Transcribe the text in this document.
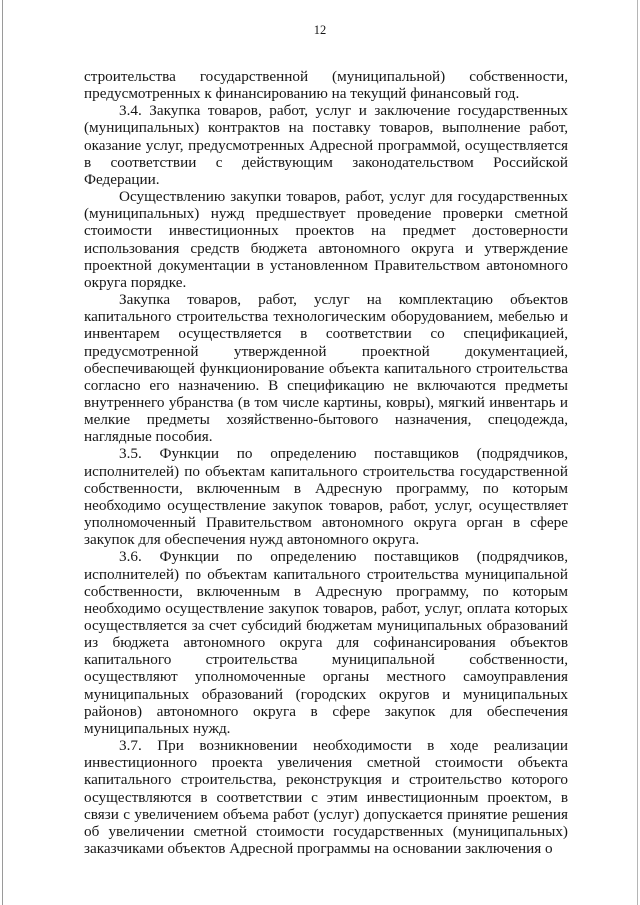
12

строительства государственной (муниципальной) собственности, предусмотренных к финансированию на текущий финансовый год.

3.4. Закупка товаров, работ, услуг и заключение государственных (муниципальных) контрактов на поставку товаров, выполнение работ, оказание услуг, предусмотренных Адресной программой, осуществляется в соответствии с действующим законодательством Российской Федерации.

Осуществлению закупки товаров, работ, услуг для государственных (муниципальных) нужд предшествует проведение проверки сметной стоимости инвестиционных проектов на предмет достоверности использования средств бюджета автономного округа и утверждение проектной документации в установленном Правительством автономного округа порядке.

Закупка товаров, работ, услуг на комплектацию объектов капитального строительства технологическим оборудованием, мебелью и инвентарем осуществляется в соответствии со спецификацией, предусмотренной утвержденной проектной документацией, обеспечивающей функционирование объекта капитального строительства согласно его назначению. В спецификацию не включаются предметы внутреннего убранства (в том числе картины, ковры), мягкий инвентарь и мелкие предметы хозяйственно-бытового назначения, спецодежда, наглядные пособия.

3.5. Функции по определению поставщиков (подрядчиков, исполнителей) по объектам капитального строительства государственной собственности, включенным в Адресную программу, по которым необходимо осуществление закупок товаров, работ, услуг, осуществляет уполномоченный Правительством автономного округа орган в сфере закупок для обеспечения нужд автономного округа.

3.6. Функции по определению поставщиков (подрядчиков, исполнителей) по объектам капитального строительства муниципальной собственности, включенным в Адресную программу, по которым необходимо осуществление закупок товаров, работ, услуг, оплата которых осуществляется за счет субсидий бюджетам муниципальных образований из бюджета автономного округа для софинансирования объектов капитального строительства муниципальной собственности, осуществляют уполномоченные органы местного самоуправления муниципальных образований (городских округов и муниципальных районов) автономного округа в сфере закупок для обеспечения муниципальных нужд.

3.7. При возникновении необходимости в ходе реализации инвестиционного проекта увеличения сметной стоимости объекта капитального строительства, реконструкция и строительство которого осуществляются в соответствии с этим инвестиционным проектом, в связи с увеличением объема работ (услуг) допускается принятие решения об увеличении сметной стоимости государственных (муниципальных) заказчиками объектов Адресной программы на основании заключения о
